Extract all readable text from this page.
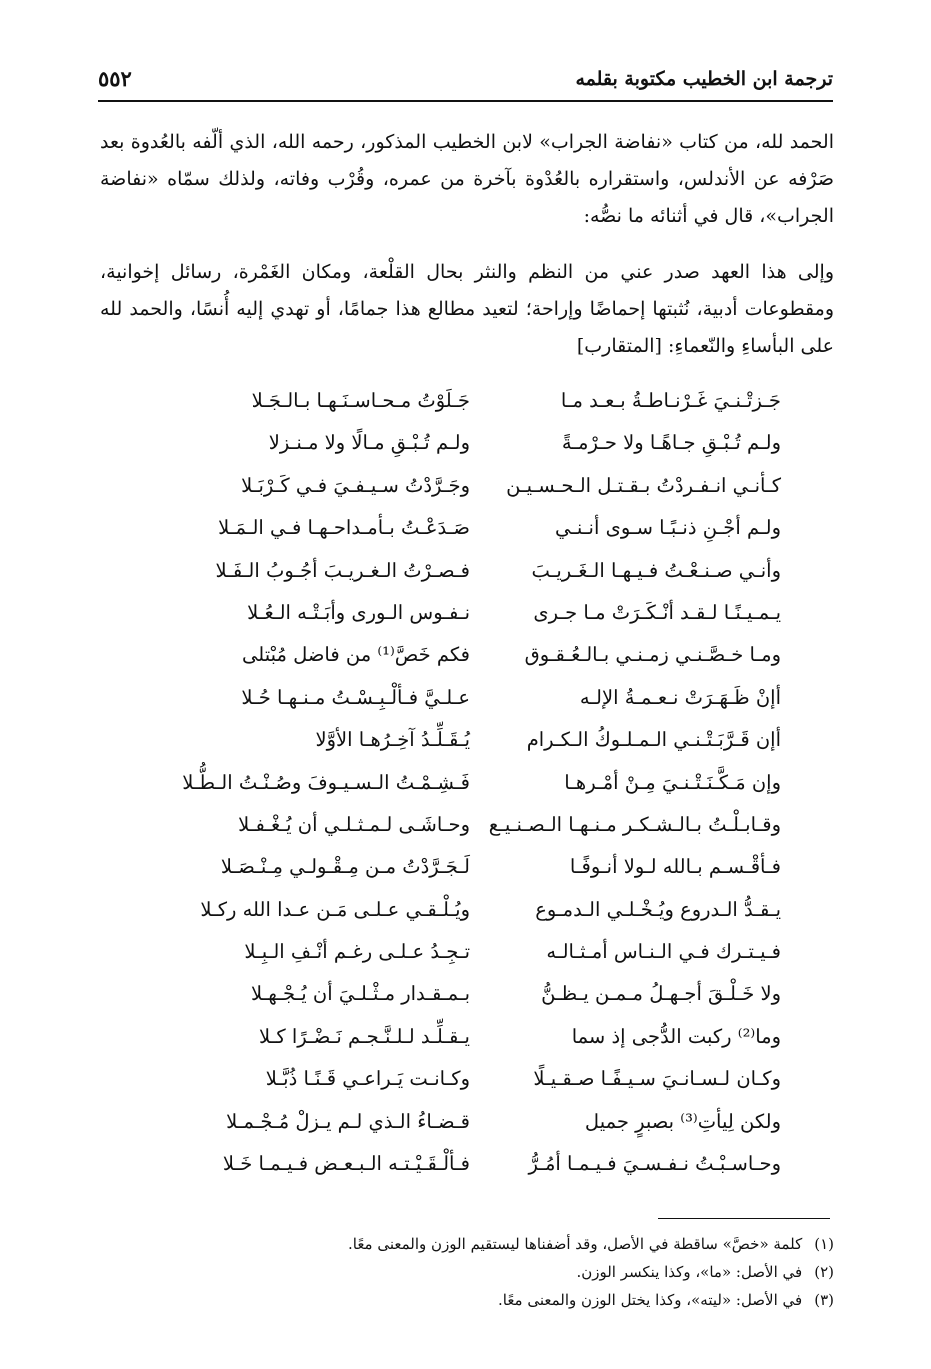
ترجمة ابن الخطيب مكتوبة بقلمه
٥٥٢
الحمد لله، من كتاب «نفاضة الجراب» لابن الخطيب المذكور، رحمه الله، الذي ألّفه بالعُدوة بعد صَرْفه عن الأندلس، واستقراره بالعُدْوة بآخرة من عمره، وقُرْب وفاته، ولذلك سمّاه «نفاضة الجراب»، قال في أثنائه ما نصُّه:
وإلى هذا العهد صدر عني من النظم والنثر بحال القلْعة، ومكان الغَمْرة، رسائل إخوانية، ومقطوعات أدبية، نُثبتها إحماضًا وإراحة؛ لتعيد مطالع هذا جمامًا، أو تهدي إليه أُنسًا، والحمد لله على البأساءِ والنّعماءِ: [المتقارب]
جَـزتْـنـيَ غَـرْنـاطـةُ بـعـد مـا
جَـلَوْتُ مـحـاسـنَـهـا بـالـجَـلا
ولـم تُـبْـقِ جـاهًـا ولا حـرْمـةً
ولـم تُـبْـقِ مـالًا ولا مـنـزلا
كـأنـي انـفـردْتُ بـقـتـل الـحـسـيـن
وجَـرَّدْتُ سـيـفـيَ فـي كَـرْبَـلا
ولـم أجْـنِ ذنـبًـا سـوى أنـنـي
صَـدَعْـتُ بـأمـداحـهـا فـي الـمَـلا
وأنـي صـنـعْـتُ فـيـهـا الـغَـريـبَ
فـصـرْتُ الـغـريـبَ أجُـوبُ الـفَـلا
يـمـيـنًـا لـقـد أنْـكَـرَتْ مـا جـرى
نـفـوس الـورى وأبَـتْـه الـعُـلا
ومـا خـصَّـنـي زمـنـي بـالـعُـقـوق
فكم خَصَّ⁽¹⁾ من فاضل مُبْتلى
أإنْ ظَـهَـرَتْ نـعـمـةُ الإلـه
عـلـيَّ فـألْـبِـسْـتُ مـنـهـا حُـلا
أإن قَـرَّبَـتْـنـي الـمـلـوكُ الـكـرام
يُـقَـلِّـدُ آخِـرُهـا الأوَّلا
وإن مَـكَّـنَـتْـنـيَ مِـنْ أمْـرهـا
فَـشِـمْـتُ الـسـيـوفَ وصُـنْـتُ الـطُّـلا
وقـابـلْـتُ بـالـشـكـر مـنـهـا الـصـنـيـع
وحـاشَـى لـمـثـلـي أن يُـغْـفـلا
فـأقْـسـم بـالله لـولا أنـوفًـا
لَـجَـرَّدْتُ مـن مِـقْـولـي مِـنْـصَـلا
يـقـدُّ الـدروع ويُـخْـلـي الـدمـوع
ويُـلْـقـي عـلـى مَـن عـدا الله ركـلا
فـيـتـرك فـي الـنـاس أمـثـالـه
تـجِـدُ عـلـى رغـم أنْـفِ الـبِـلا
ولا خَـلْـقَ أجـهـلُ مـمـن يـظـنُّ
بـمـقـدار مـثْـلـيَ أن يُـجْـهـلا
وما⁽²⁾ ركبت الدُّجى إذ سما
يـقـلِّـد لـلـنَّـجـم نَـضْـرًا كـلا
وكـان لـسـانـيَ سـيـفًـا صـقـيـلًا
وكـانـت يَـراعـي قَـنًـا ذُبَّـلا
ولكن لِيأتِ⁽³⁾ بصبرٍ جميل
قـضـاءُ الـذي لـم يـزلْ مُـجْـمـلا
وحـاسـبْـتُ نـفـسـيَ فـيـمـا أمُـرُّ
فـألْـقَـيْـتـه الـبـعـض فـيـمـا خَـلا
(١)كلمة «خصَّ» ساقطة في الأصل، وقد أضفناها ليستقيم الوزن والمعنى معًا.
(٢)في الأصل: «ما»، وكذا ينكسر الوزن.
(٣)في الأصل: «ليته»، وكذا يختل الوزن والمعنى معًا.
